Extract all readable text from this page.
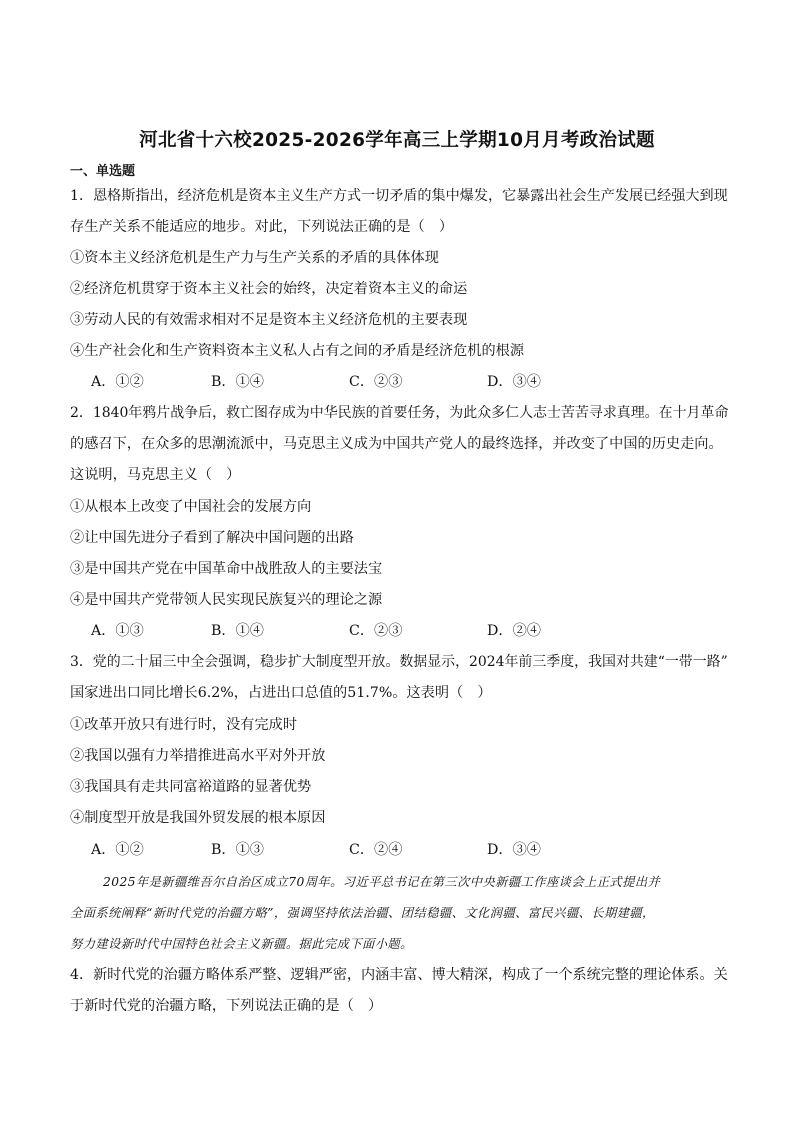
河北省十六校2025-2026学年高三上学期10月月考政治试题
一、单选题
1．恩格斯指出，经济危机是资本主义生产方式一切矛盾的集中爆发，它暴露出社会生产发展已经强大到现
存生产关系不能适应的地步。对此，下列说法正确的是（　）
①资本主义经济危机是生产力与生产关系的矛盾的具体体现
②经济危机贯穿于资本主义社会的始终，决定着资本主义的命运
③劳动人民的有效需求相对不足是资本主义经济危机的主要表现
④生产社会化和生产资料资本主义私人占有之间的矛盾是经济危机的根源
A．①②	B．①④	C．②③	D．③④
2．1840年鸦片战争后，救亡图存成为中华民族的首要任务，为此众多仁人志士苦苦寻求真理。在十月革命
的感召下，在众多的思潮流派中，马克思主义成为中国共产党人的最终选择，并改变了中国的历史走向。
这说明，马克思主义（　）
①从根本上改变了中国社会的发展方向
②让中国先进分子看到了解决中国问题的出路
③是中国共产党在中国革命中战胜敌人的主要法宝
④是中国共产党带领人民实现民族复兴的理论之源
A．①③	B．①④	C．②③	D．②④
3．党的二十届三中全会强调，稳步扩大制度型开放。数据显示，2024年前三季度，我国对共建“一带一路”
国家进出口同比增长6.2%，占进出口总值的51.7%。这表明（　）
①改革开放只有进行时，没有完成时
②我国以强有力举措推进高水平对外开放
③我国具有走共同富裕道路的显著优势
④制度型开放是我国外贸发展的根本原因
A．①②	B．①③	C．②④	D．③④
2025年是新疆维吾尔自治区成立70周年。习近平总书记在第三次中央新疆工作座谈会上正式提出并
全面系统阐释“新时代党的治疆方略”，强调坚持依法治疆、团结稳疆、文化润疆、富民兴疆、长期建疆，
努力建设新时代中国特色社会主义新疆。据此完成下面小题。
4．新时代党的治疆方略体系严整、逻辑严密，内涵丰富、博大精深，构成了一个系统完整的理论体系。关
于新时代党的治疆方略，下列说法正确的是（　）
